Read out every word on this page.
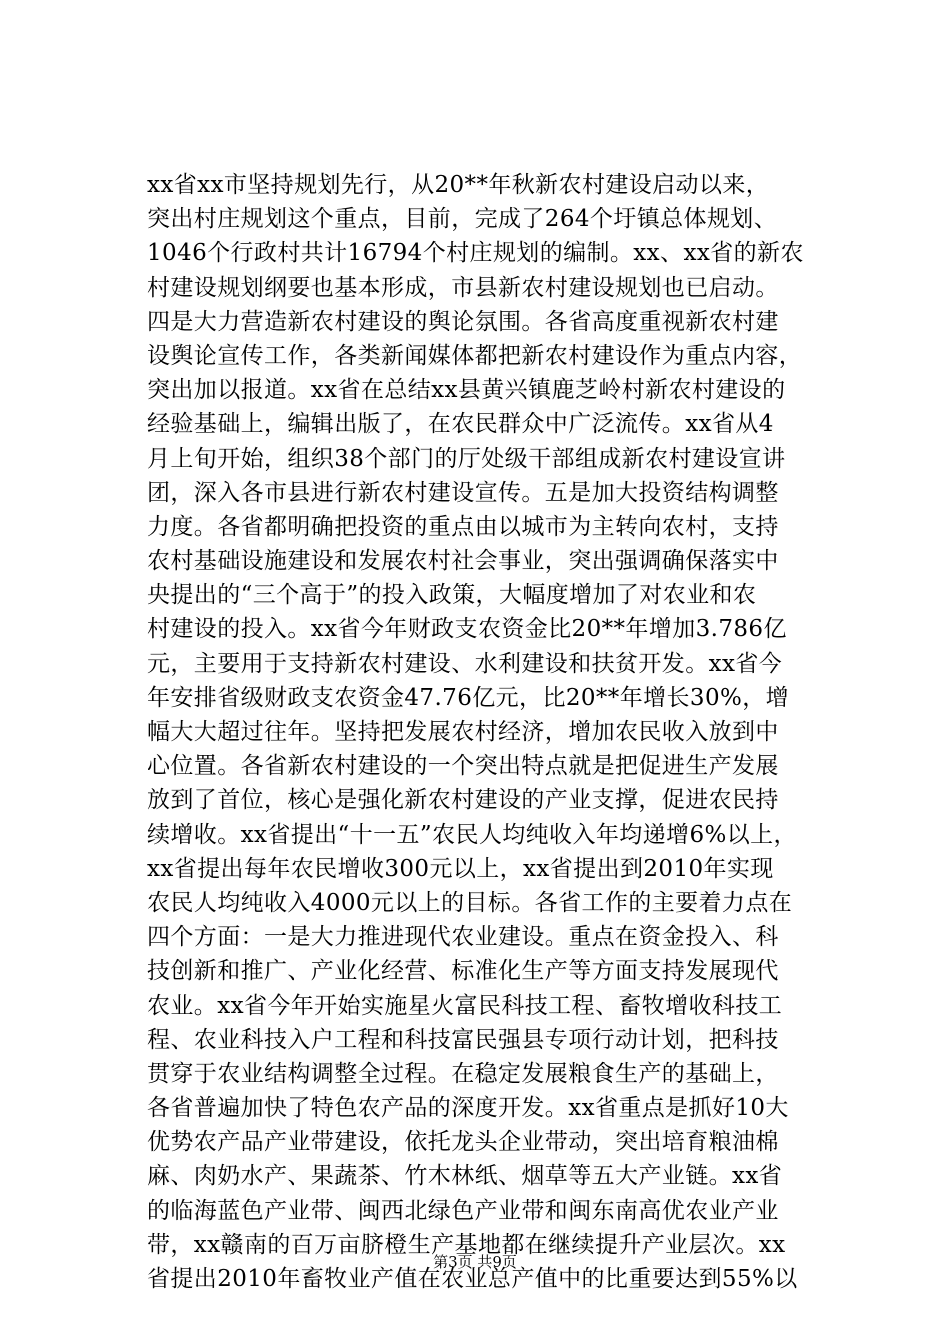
xx省xx市坚持规划先行，从20**年秋新农村建设启动以来，
突出村庄规划这个重点，目前，完成了264个圩镇总体规划、
1046个行政村共计16794个村庄规划的编制。xx、xx省的新农
村建设规划纲要也基本形成，市县新农村建设规划也已启动。
四是大力营造新农村建设的舆论氛围。各省高度重视新农村建
设舆论宣传工作，各类新闻媒体都把新农村建设作为重点内容，
突出加以报道。xx省在总结xx县黄兴镇鹿芝岭村新农村建设的
经验基础上，编辑出版了，在农民群众中广泛流传。xx省从4
月上旬开始，组织38个部门的厅处级干部组成新农村建设宣讲
团，深入各市县进行新农村建设宣传。五是加大投资结构调整
力度。各省都明确把投资的重点由以城市为主转向农村，支持
农村基础设施建设和发展农村社会事业，突出强调确保落实中
央提出的“三个高于”的投入政策，大幅度增加了对农业和农
村建设的投入。xx省今年财政支农资金比20**年增加3.786亿
元，主要用于支持新农村建设、水利建设和扶贫开发。xx省今
年安排省级财政支农资金47.76亿元，比20**年增长30%，增
幅大大超过往年。坚持把发展农村经济，增加农民收入放到中
心位置。各省新农村建设的一个突出特点就是把促进生产发展
放到了首位，核心是强化新农村建设的产业支撑，促进农民持
续增收。xx省提出“十一五”农民人均纯收入年均递增6%以上，
xx省提出每年农民增收300元以上，xx省提出到2010年实现
农民人均纯收入4000元以上的目标。各省工作的主要着力点在
四个方面：一是大力推进现代农业建设。重点在资金投入、科
技创新和推广、产业化经营、标准化生产等方面支持发展现代
农业。xx省今年开始实施星火富民科技工程、畜牧增收科技工
程、农业科技入户工程和科技富民强县专项行动计划，把科技
贯穿于农业结构调整全过程。在稳定发展粮食生产的基础上，
各省普遍加快了特色农产品的深度开发。xx省重点是抓好10大
优势农产品产业带建设，依托龙头企业带动，突出培育粮油棉
麻、肉奶水产、果蔬茶、竹木林纸、烟草等五大产业链。xx省
的临海蓝色产业带、闽西北绿色产业带和闽东南高优农业产业
带，xx赣南的百万亩脐橙生产基地都在继续提升产业层次。xx
省提出2010年畜牧业产值在农业总产值中的比重要达到55%以
第3页 共9页
